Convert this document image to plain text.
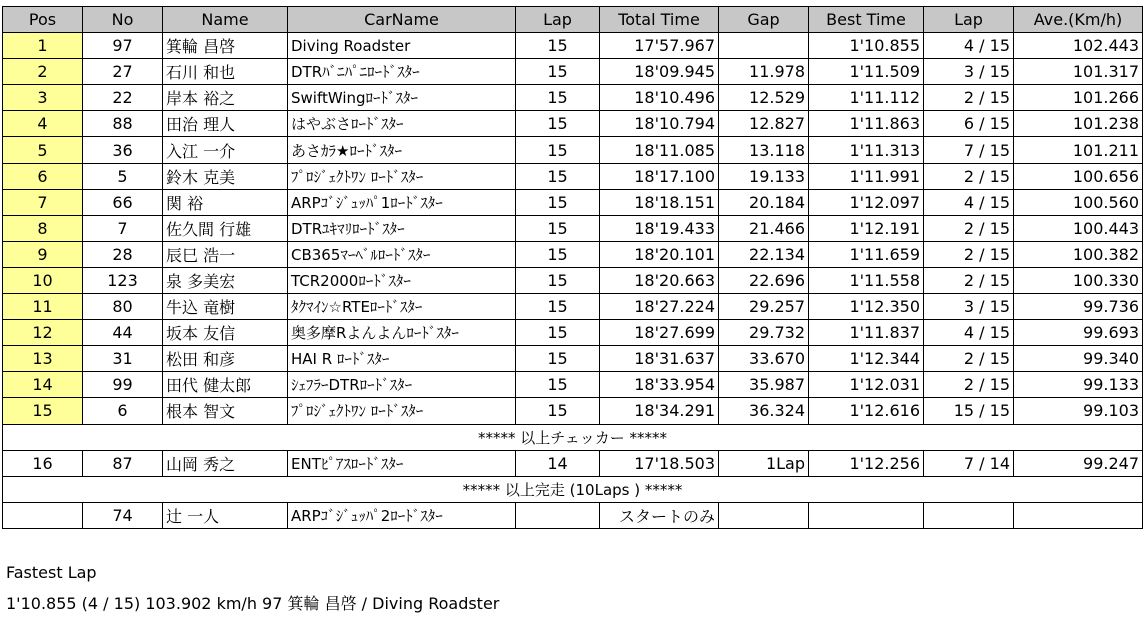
Pos	No	Name	CarName	Lap	Total Time	Gap	Best Time	Lap	Ave.(Km/h)
1	97	箕輪 昌啓	Diving Roadster	15	17'57.967		1'10.855	4 / 15	102.443
2	27	石川 和也	DTRﾊﾞﾆﾊﾟﾆﾛｰﾄﾞｽﾀｰ	15	18'09.945	11.978	1'11.509	3 / 15	101.317
3	22	岸本 裕之	SwiftWingﾛｰﾄﾞｽﾀｰ	15	18'10.496	12.529	1'11.112	2 / 15	101.266
4	88	田治 理人	はやぶさﾛｰﾄﾞｽﾀｰ	15	18'10.794	12.827	1'11.863	6 / 15	101.238
5	36	入江 一介	あさｶﾗ★ﾛｰﾄﾞｽﾀｰ	15	18'11.085	13.118	1'11.313	7 / 15	101.211
6	5	鈴木 克美	ﾌﾟﾛｼﾞｪｸﾄﾜﾝ ﾛｰﾄﾞｽﾀｰ	15	18'17.100	19.133	1'11.991	2 / 15	100.656
7	66	関 裕	ARPｺﾞｼﾞｭｯﾊﾟ1ﾛｰﾄﾞｽﾀｰ	15	18'18.151	20.184	1'12.097	4 / 15	100.560
8	7	佐久間 行雄	DTRﾕｷﾏﾘﾛｰﾄﾞｽﾀｰ	15	18'19.433	21.466	1'12.191	2 / 15	100.443
9	28	辰巳 浩一	CB365ﾏｰﾍﾞﾙﾛｰﾄﾞｽﾀｰ	15	18'20.101	22.134	1'11.659	2 / 15	100.382
10	123	泉 多美宏	TCR2000ﾛｰﾄﾞｽﾀｰ	15	18'20.663	22.696	1'11.558	2 / 15	100.330
11	80	牛込 竜樹	ﾀｸﾏｲﾝ☆RTEﾛｰﾄﾞｽﾀｰ	15	18'27.224	29.257	1'12.350	3 / 15	99.736
12	44	坂本 友信	奥多摩Rよんよんﾛｰﾄﾞｽﾀｰ	15	18'27.699	29.732	1'11.837	4 / 15	99.693
13	31	松田 和彦	HAI R ﾛｰﾄﾞｽﾀｰ	15	18'31.637	33.670	1'12.344	2 / 15	99.340
14	99	田代 健太郎	ｼｪﾌﾗｰDTRﾛｰﾄﾞｽﾀｰ	15	18'33.954	35.987	1'12.031	2 / 15	99.133
15	6	根本 智文	ﾌﾟﾛｼﾞｪｸﾄﾜﾝ ﾛｰﾄﾞｽﾀｰ	15	18'34.291	36.324	1'12.616	15 / 15	99.103
***** 以上チェッカー *****									
16	87	山岡 秀之	ENTﾋﾟｱｽﾛｰﾄﾞｽﾀｰ	14	17'18.503	1Lap	1'12.256	7 / 14	99.247
***** 以上完走 (10Laps ) *****									
	74	辻 一人	ARPｺﾞｼﾞｭｯﾊﾟ2ﾛｰﾄﾞｽﾀｰ		スタートのみ				
Fastest Lap
1'10.855 (4 / 15) 103.902 km/h 97 箕輪 昌啓 / Diving Roadster
